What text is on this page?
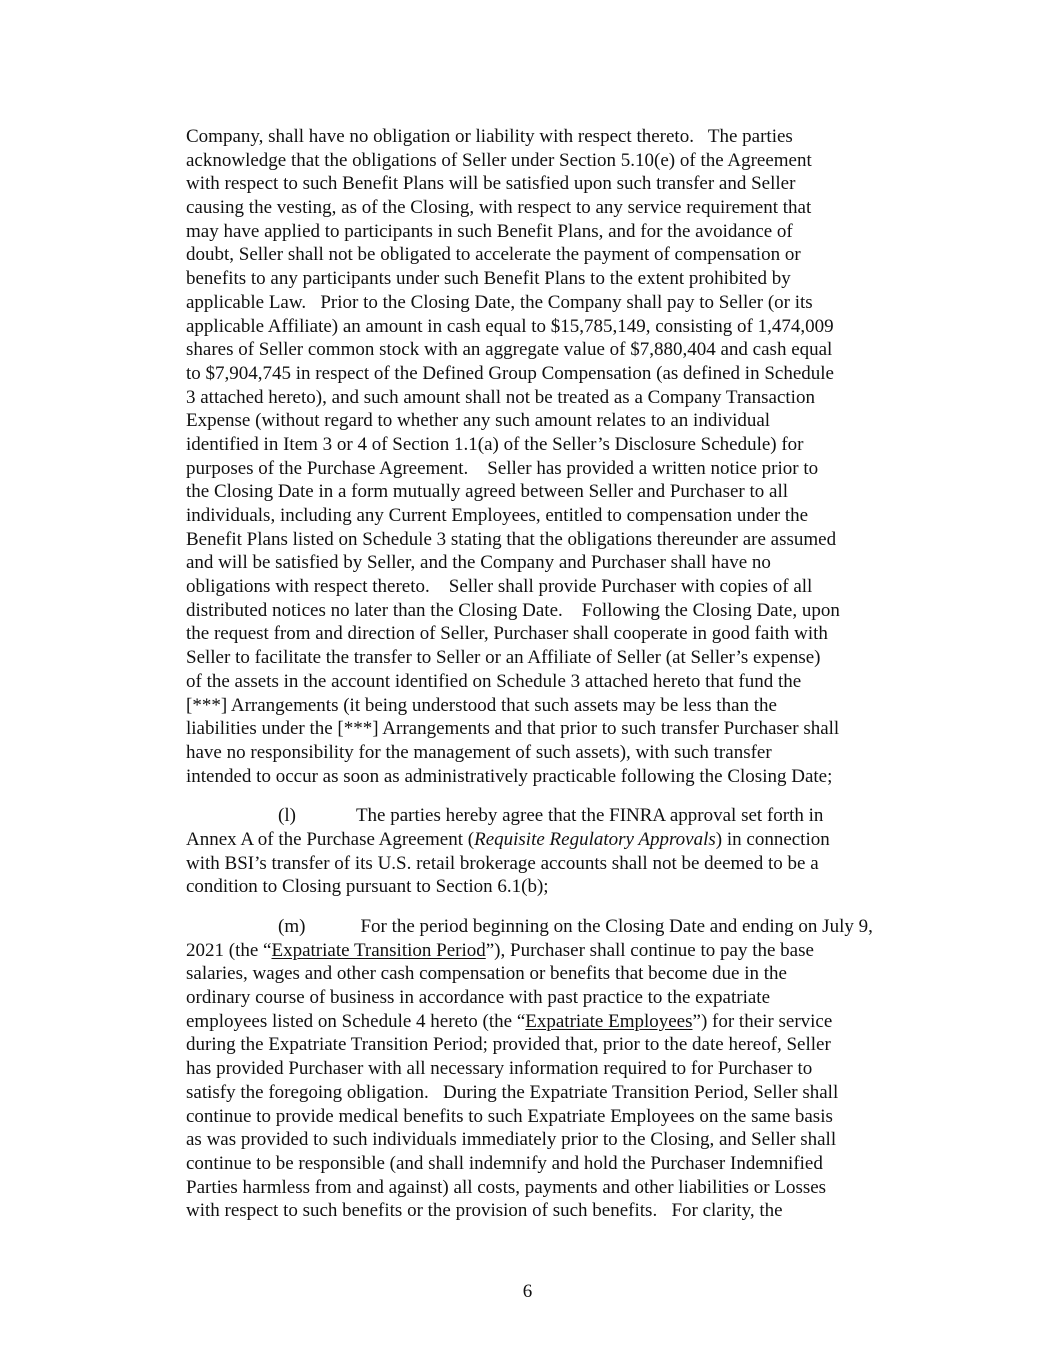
Company, shall have no obligation or liability with respect thereto.   The parties
acknowledge that the obligations of Seller under Section 5.10(e) of the Agreement
with respect to such Benefit Plans will be satisfied upon such transfer and Seller
causing the vesting, as of the Closing, with respect to any service requirement that
may have applied to participants in such Benefit Plans, and for the avoidance of
doubt, Seller shall not be obligated to accelerate the payment of compensation or
benefits to any participants under such Benefit Plans to the extent prohibited by
applicable Law.   Prior to the Closing Date, the Company shall pay to Seller (or its
applicable Affiliate) an amount in cash equal to $15,785,149, consisting of 1,474,009
shares of Seller common stock with an aggregate value of $7,880,404 and cash equal
to $7,904,745 in respect of the Defined Group Compensation (as defined in Schedule
3 attached hereto), and such amount shall not be treated as a Company Transaction
Expense (without regard to whether any such amount relates to an individual
identified in Item 3 or 4 of Section 1.1(a) of the Seller’s Disclosure Schedule) for
purposes of the Purchase Agreement.    Seller has provided a written notice prior to
the Closing Date in a form mutually agreed between Seller and Purchaser to all
individuals, including any Current Employees, entitled to compensation under the
Benefit Plans listed on Schedule 3 stating that the obligations thereunder are assumed
and will be satisfied by Seller, and the Company and Purchaser shall have no
obligations with respect thereto.    Seller shall provide Purchaser with copies of all
distributed notices no later than the Closing Date.    Following the Closing Date, upon
the request from and direction of Seller, Purchaser shall cooperate in good faith with
Seller to facilitate the transfer to Seller or an Affiliate of Seller (at Seller’s expense)
of the assets in the account identified on Schedule 3 attached hereto that fund the
[***] Arrangements (it being understood that such assets may be less than the
liabilities under the [***] Arrangements and that prior to such transfer Purchaser shall
have no responsibility for the management of such assets), with such transfer
intended to occur as soon as administratively practicable following the Closing Date;
(l)	The parties hereby agree that the FINRA approval set forth in
Annex A of the Purchase Agreement (Requisite Regulatory Approvals) in connection
with BSI’s transfer of its U.S. retail brokerage accounts shall not be deemed to be a
condition to Closing pursuant to Section 6.1(b);
(m)	For the period beginning on the Closing Date and ending on July 9,
2021 (the “Expatriate Transition Period”), Purchaser shall continue to pay the base
salaries, wages and other cash compensation or benefits that become due in the
ordinary course of business in accordance with past practice to the expatriate
employees listed on Schedule 4 hereto (the “Expatriate Employees”) for their service
during the Expatriate Transition Period; provided that, prior to the date hereof, Seller
has provided Purchaser with all necessary information required to for Purchaser to
satisfy the foregoing obligation.   During the Expatriate Transition Period, Seller shall
continue to provide medical benefits to such Expatriate Employees on the same basis
as was provided to such individuals immediately prior to the Closing, and Seller shall
continue to be responsible (and shall indemnify and hold the Purchaser Indemnified
Parties harmless from and against) all costs, payments and other liabilities or Losses
with respect to such benefits or the provision of such benefits.   For clarity, the
6
